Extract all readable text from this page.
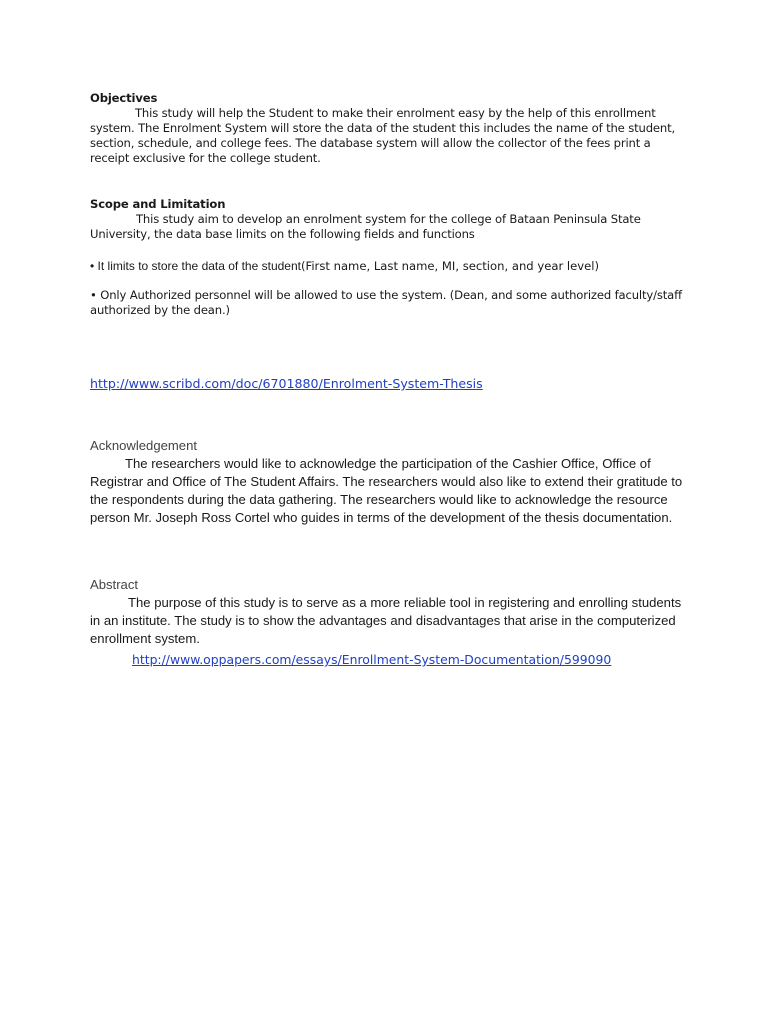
Objectives

This study will help the Student to make their enrolment easy by the help of this enrollment system. The Enrolment System will store the data of the student this includes the name of the student, section, schedule, and college fees. The database system will allow the collector of the fees print a receipt exclusive for the college student.

Scope and Limitation

This study aim to develop an enrolment system for the college of Bataan Peninsula State University, the data base limits on the following fields and functions

• It limits to store the data of the student(First name, Last name, MI, section, and year level)

• Only Authorized personnel will be allowed to use the system. (Dean, and some authorized faculty/staff authorized by the dean.)

http://www.scribd.com/doc/6701880/Enrolment-System-Thesis
Acknowledgement

The researchers would like to acknowledge the participation of the Cashier Office, Office of Registrar and Office of The Student Affairs. The researchers would also like to extend their gratitude to the respondents during the data gathering. The researchers would like to acknowledge the resource person Mr. Joseph Ross Cortel who guides in terms of the development of the thesis documentation.

Abstract

The purpose of this study is to serve as a more reliable tool in registering and enrolling students in an institute. The study is to show the advantages and disadvantages that arise in the computerized enrollment system.

http://www.oppapers.com/essays/Enrollment-System-Documentation/599090
